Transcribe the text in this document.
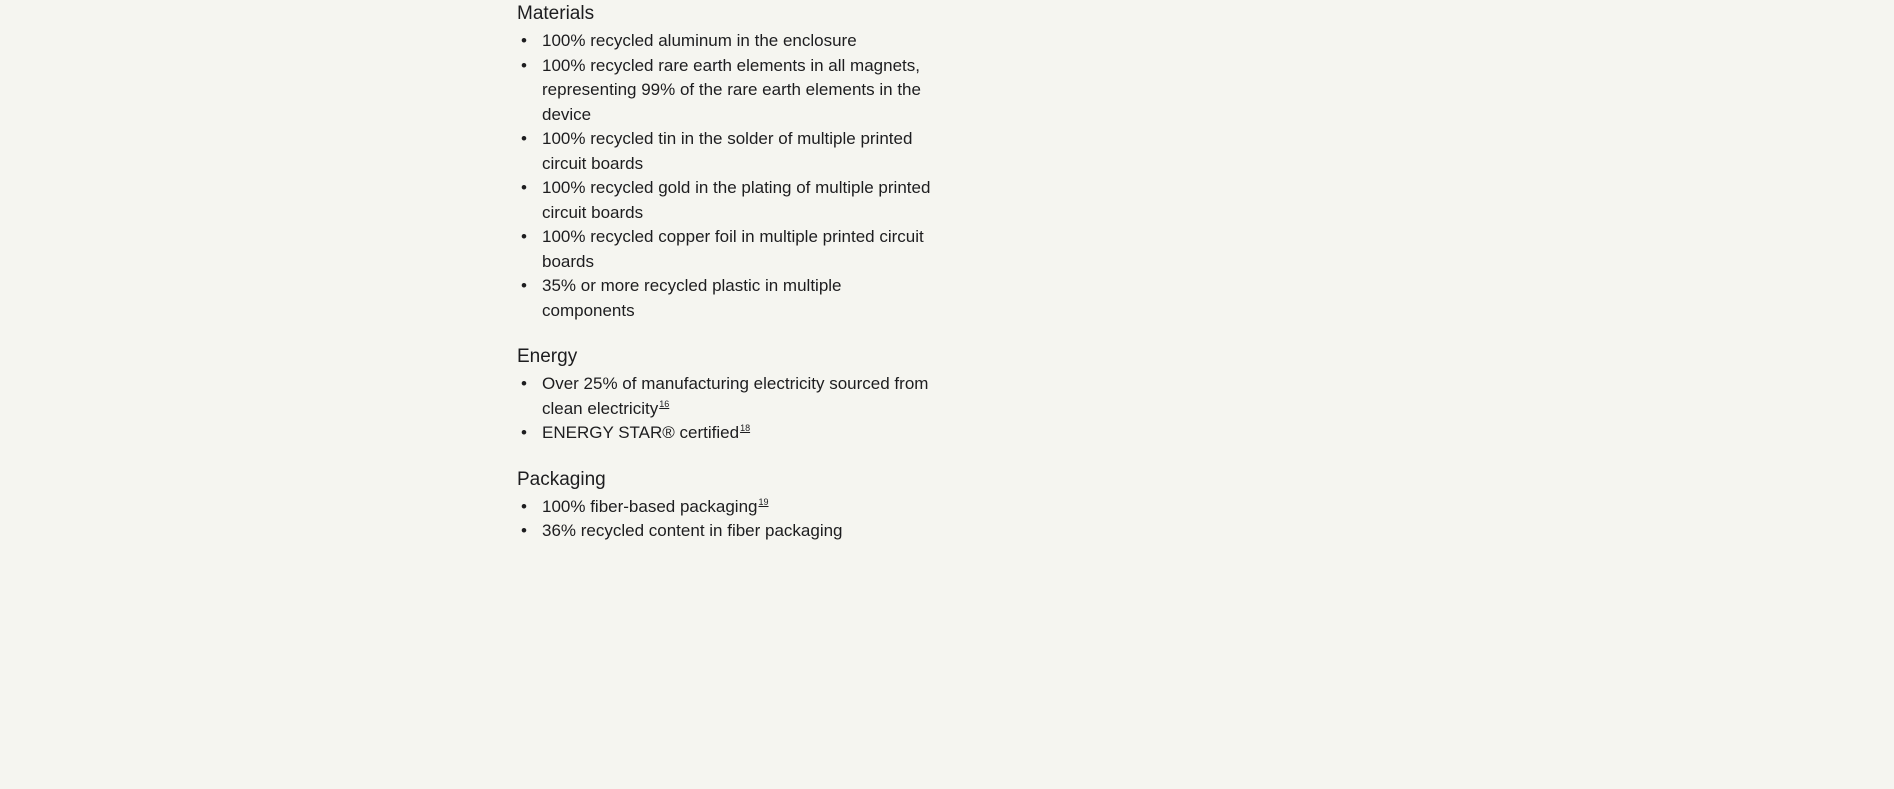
Materials
• 100% recycled aluminum in the enclosure
• 100% recycled rare earth elements in all magnets, representing 99% of the rare earth elements in the device
• 100% recycled tin in the solder of multiple printed circuit boards
• 100% recycled gold in the plating of multiple printed circuit boards
• 100% recycled copper foil in multiple printed circuit boards
• 35% or more recycled plastic in multiple components
Energy
• Over 25% of manufacturing electricity sourced from clean electricity$^{16}$
• ENERGY STAR® certified$^{18}$
Packaging
• 100% fiber-based packaging$^{19}$
• 36% recycled content in fiber packaging
